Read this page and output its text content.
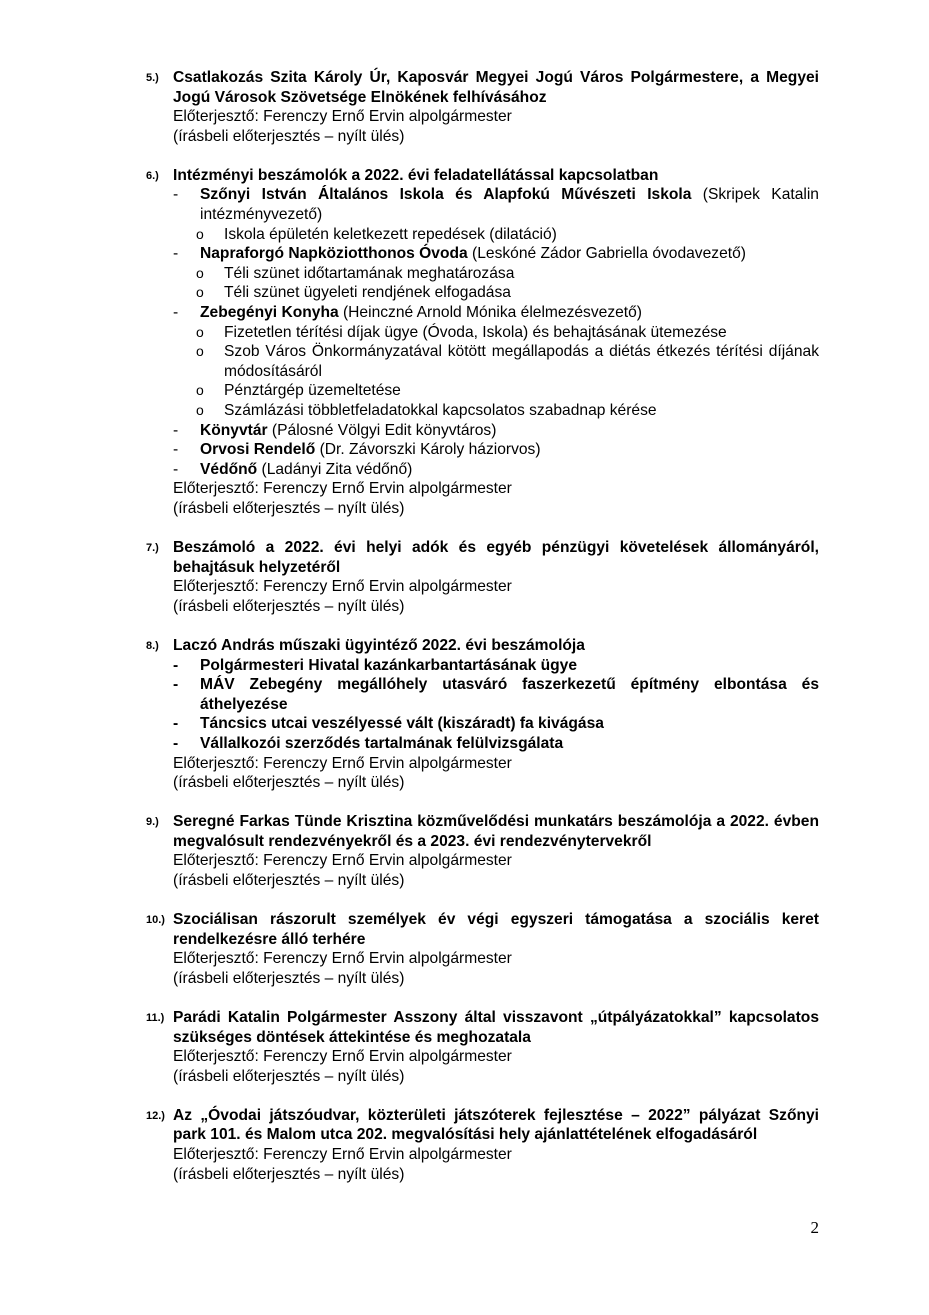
5.) Csatlakozás Szita Károly Úr, Kaposvár Megyei Jogú Város Polgármestere, a Megyei Jogú Városok Szövetsége Elnökének felhívásához
Előterjesztő: Ferenczy Ernő Ervin alpolgármester
(írásbeli előterjesztés – nyílt ülés)
6.) Intézményi beszámolók a 2022. évi feladatellátással kapcsolatban
- Szőnyi István Általános Iskola és Alapfokú Művészeti Iskola (Skripek Katalin intézményvezető)
o Iskola épületén keletkezett repedések (dilatáció)
- Napraforgó Napköziotthonos Óvoda (Leskóné Zádor Gabriella óvodavezető)
o Téli szünet időtartamának meghatározása
o Téli szünet ügyeleti rendjének elfogadása
- Zebegényi Konyha (Heinczné Arnold Mónika élelmezésvezető)
o Fizetetlen térítési díjak ügye (Óvoda, Iskola) és behajtásának ütemezése
o Szob Város Önkormányzatával kötött megállapodás a diétás étkezés térítési díjának módosításáról
o Pénztárgép üzemeltetése
o Számlázási többletfeladatokkal kapcsolatos szabadnap kérése
- Könyvtár (Pálosné Völgyi Edit könyvtáros)
- Orvosi Rendelő (Dr. Závorszki Károly háziorvos)
- Védőnő (Ladányi Zita védőnő)
Előterjesztő: Ferenczy Ernő Ervin alpolgármester
(írásbeli előterjesztés – nyílt ülés)
7.) Beszámoló a 2022. évi helyi adók és egyéb pénzügyi követelések állományáról, behajtásuk helyzetéről
Előterjesztő: Ferenczy Ernő Ervin alpolgármester
(írásbeli előterjesztés – nyílt ülés)
8.) Laczó András műszaki ügyintéző 2022. évi beszámolója
- Polgármesteri Hivatal kazánkarbantartásának ügye
- MÁV Zebegény megállóhely utasváró faszerkezetű építmény elbontása és áthelyezése
- Táncsics utcai veszélyessé vált (kiszáradt) fa kivágása
- Vállalkozói szerződés tartalmának felülvizsgálata
Előterjesztő: Ferenczy Ernő Ervin alpolgármester
(írásbeli előterjesztés – nyílt ülés)
9.) Seregné Farkas Tünde Krisztina közművelődési munkatárs beszámolója a 2022. évben megvalósult rendezvényekről és a 2023. évi rendezvénytervekről
Előterjesztő: Ferenczy Ernő Ervin alpolgármester
(írásbeli előterjesztés – nyílt ülés)
10.) Szociálisan rászorult személyek év végi egyszeri támogatása a szociális keret rendelkezésre álló terhére
Előterjesztő: Ferenczy Ernő Ervin alpolgármester
(írásbeli előterjesztés – nyílt ülés)
11.) Parádi Katalin Polgármester Asszony által visszavont „útpályázatokkal” kapcsolatos szükséges döntések áttekintése és meghozatala
Előterjesztő: Ferenczy Ernő Ervin alpolgármester
(írásbeli előterjesztés – nyílt ülés)
12.) Az „Óvodai játszóudvar, közterületi játszóterek fejlesztése – 2022” pályázat Szőnyi park 101. és Malom utca 202. megvalósítási hely ajánlattételének elfogadásáról
Előterjesztő: Ferenczy Ernő Ervin alpolgármester
(írásbeli előterjesztés – nyílt ülés)
2
